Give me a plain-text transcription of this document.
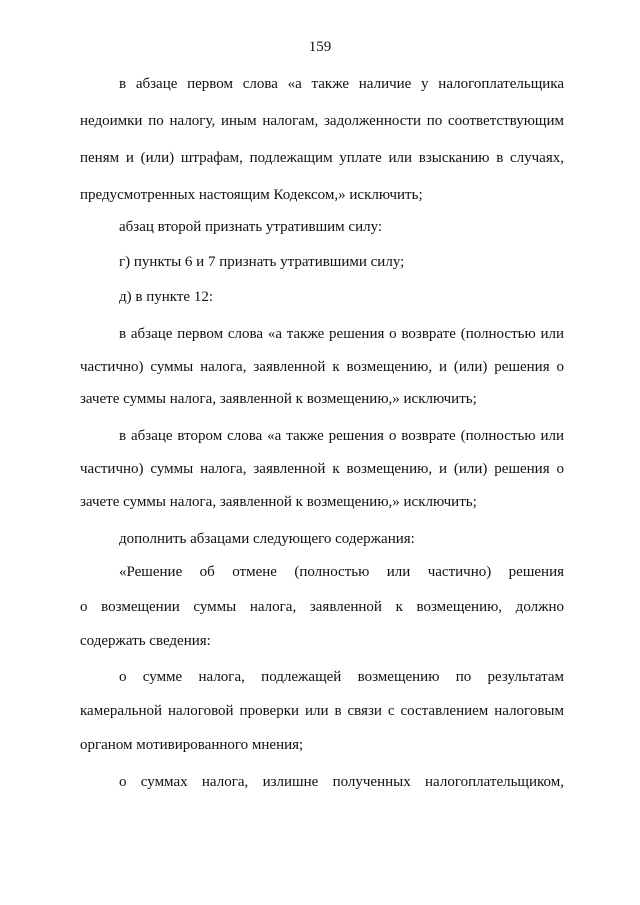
159
в абзаце первом слова «а также наличие у налогоплательщика
недоимки по налогу, иным налогам, задолженности по соответствующим
пеням и (или) штрафам, подлежащим уплате или взысканию в случаях,
предусмотренных настоящим Кодексом,» исключить;
абзац второй признать утратившим силу:
г) пункты 6 и 7 признать утратившими силу;
д) в пункте 12:
в абзаце первом слова «а также решения о возврате (полностью или
частично) суммы налога, заявленной к возмещению, и (или) решения о
зачете суммы налога, заявленной к возмещению,» исключить;
в абзаце втором слова «а также решения о возврате (полностью или
частично) суммы налога, заявленной к возмещению, и (или) решения о
зачете суммы налога, заявленной к возмещению,» исключить;
дополнить абзацами следующего содержания:
«Решение об отмене (полностью или частично) решения
о возмещении суммы налога, заявленной к возмещению, должно
содержать сведения:
о сумме налога, подлежащей возмещению по результатам
камеральной налоговой проверки или в связи с составлением налоговым
органом мотивированного мнения;
о суммах налога, излишне полученных налогоплательщиком,
